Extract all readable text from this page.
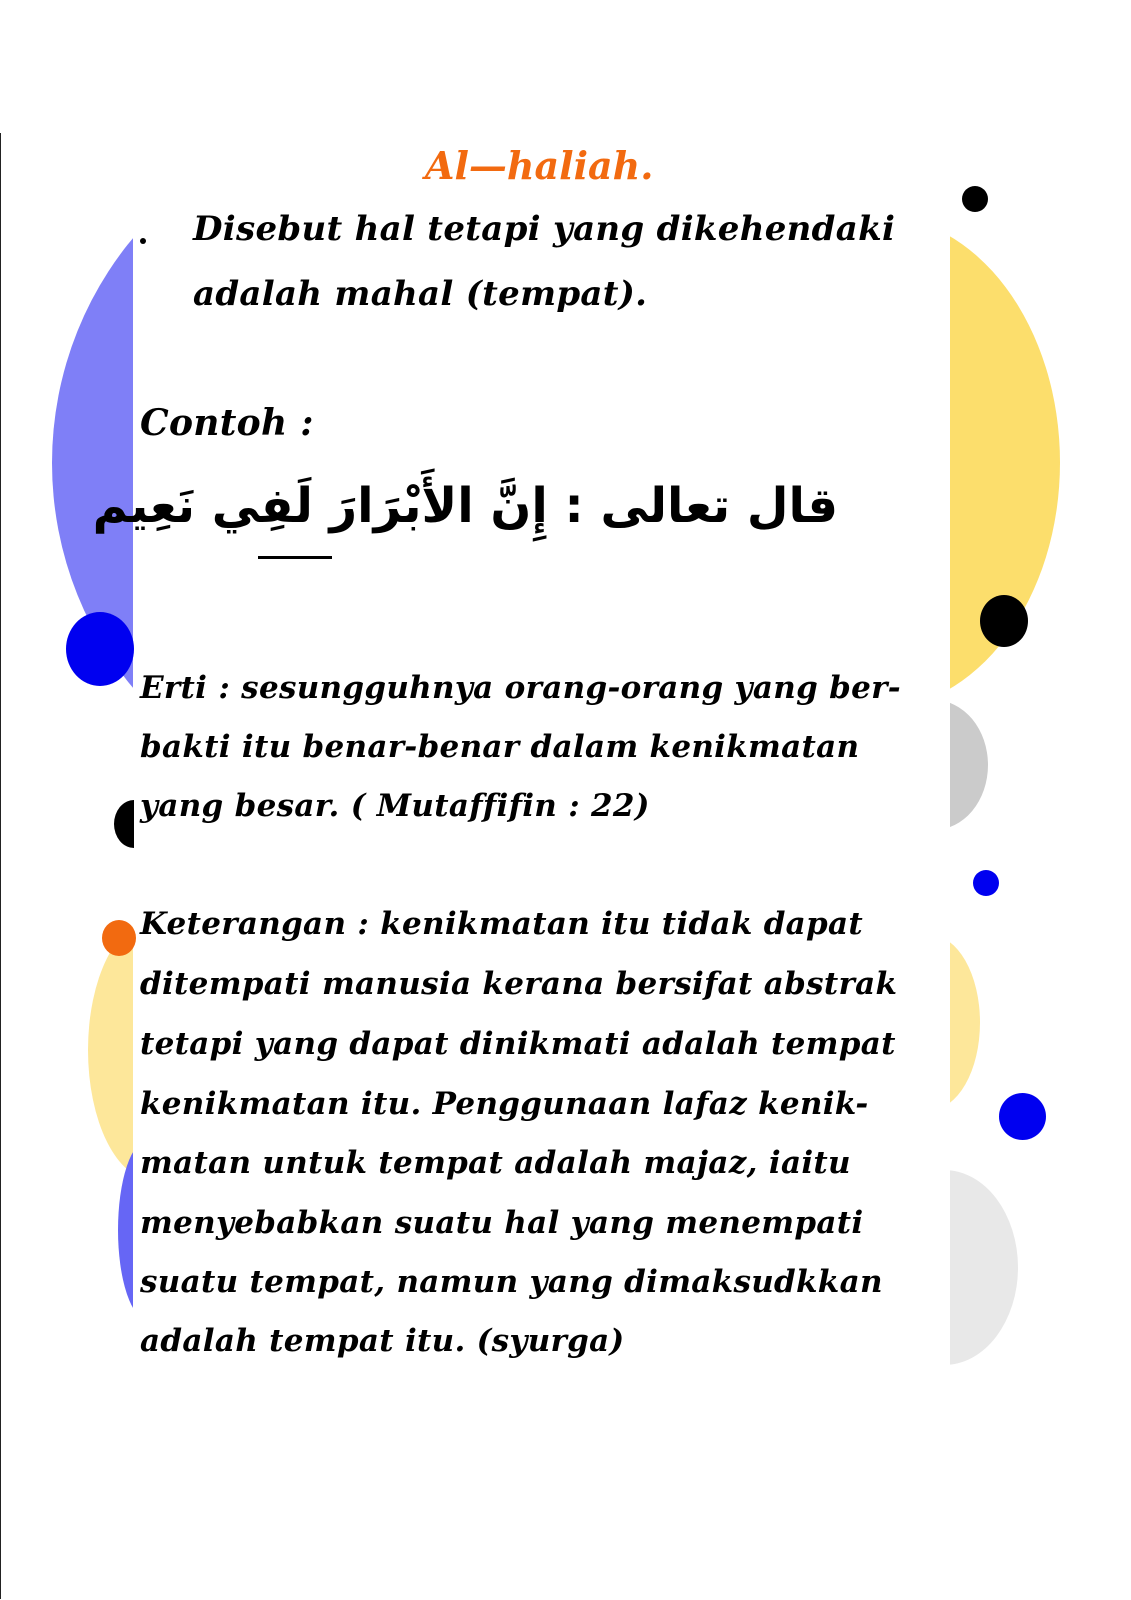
Al—haliah.
Disebut hal tetapi yang dikehendaki
adalah mahal (tempat).
Contoh :
قال تعالى : إِنَّ الأَبْرَارَ لَفِي نَعِيم
Erti : sesungguhnya orang-orang yang ber-
bakti itu benar-benar dalam kenikmatan
yang besar. ( Mutaffifin : 22)
Keterangan : kenikmatan itu tidak dapat
ditempati manusia kerana bersifat abstrak
tetapi yang dapat dinikmati adalah tempat
kenikmatan itu. Penggunaan lafaz kenik-
matan untuk tempat adalah majaz, iaitu
menyebabkan suatu hal yang menempati
suatu tempat, namun yang dimaksudkkan
adalah tempat itu. (syurga)
